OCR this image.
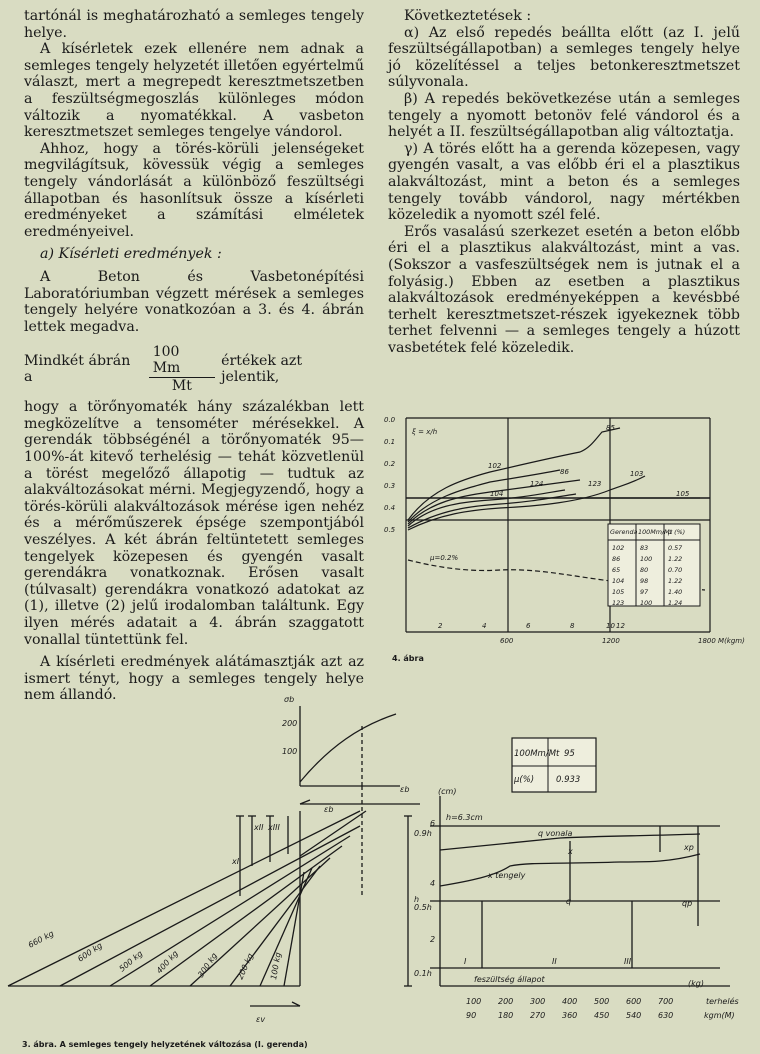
tartónál is meghatározható a semleges tengely helye.

A kísérletek ezek ellenére nem adnak a semleges tengely helyzetét illetően egyértelmű választ, mert a megrepedt keresztmetszetben a feszültségmegoszlás különleges módon változik a nyomatékkal. A vasbeton keresztmetszet semleges tengelye vándorol.

Ahhoz, hogy a törés-körüli jelenségeket megvilágítsuk, kövessük végig a semleges tengely vándorlását a különböző feszültségi állapotban és hasonlítsuk össze a kísérleti eredményeket a számítási elméletek eredményeivel.

a) Kísérleti eredmények :

A Beton és Vasbetonépítési Laboratóriumban végzett mérések a semleges tengely helyére vonatkozóan a 3. és 4. ábrán lettek megadva.

Mindkét ábrán a	$\frac{100 Mm}{Mt}$ értékek azt jelentik,

hogy a törőnyomaték hány százalékban lett megközelítve a tensométer mérésekkel. A gerendák többségénél a törőnyomaték 95—100%-át kitevő terhelésig — tehát közvetlenül a törést megelőző állapotig — tudtuk az alakváltozásokat mérni. Megjegyzendő, hogy a törés-körüli alakváltozások mérése igen nehéz és a mérőműszerek épsége szempontjából veszélyes. A két ábrán feltüntetett semleges tengelyek közepesen és gyengén vasalt gerendákra vonatkoznak. Erősen vasalt (túlvasalt) gerendákra vonatkozó adatokat az (1), illetve (2) jelű irodalomban találtunk. Egy ilyen mérés adatait a 4. ábrán szaggatott vonallal tüntettünk fel.

A kísérleti eredmények alátámasztják azt az ismert tényt, hogy a semleges tengely helye nem állandó.

Következtetések :

α) Az első repedés beállta előtt (az I. jelű feszültségállapotban) a semleges tengely helye jó közelítéssel a teljes betonkeresztmetszet súlyvonala.

β) A repedés bekövetkezése után a semleges tengely a nyomott betonöv felé vándorol és a helyét a II. feszültségállapotban alig változtatja.

γ) A törés előtt ha a gerenda közepesen, vagy gyengén vasalt, a vas előbb éri el a plasztikus alakváltozást, mint a beton és a semleges tengely tovább vándorol, nagy mértékben közeledik a nyomott szél felé.

Erős vasalású szerkezet esetén a beton előbb éri el a plasztikus alakváltozást, mint a vas. (Sokszor a vasfeszültségek nem is jutnak el a folyásig.) Ebben az esetben a plasztikus alakváltozások eredményeképpen a kevésbbé terhelt keresztmetszet-részek igyekeznek több terhet felvenni — a semleges tengely a húzott vasbetétek felé közeledik.

0.0
0.1
0.2
0.3
0.4
0.5
ξ = x/h
600	1200	1800 M(kgm)
μ=0.2%
102
85
86
123
104	105
103
124
2	4	6	8	10 12
Gerenda 100Mm/Mt
μ (%)
102 83	0.57
86	100 1.22
65	80	0.70
104 98	1.22
105 97	1.40
123 100 1.24
4. ábra
100Mm/Mt 95
μ(%)	0.933
σb
200
100
εb
εb
εv
h
xI
xII xIII
660 kg
600 kg 500 kg 400 kg 300 kg 200 kg 100 kg
(cm)
h=6.3cm
0.9h
0.5h
0.1h
6
4
2
q vonala
x tengely
x
q	qp
xp
I	II	III
feszültség állapot	(kg)
terhelés
kgm(M)
100
90
200
180
300
270
400
360
500
450
600
540
700
630
3. ábra. A semleges tengely helyzetének változása (I. gerenda)
